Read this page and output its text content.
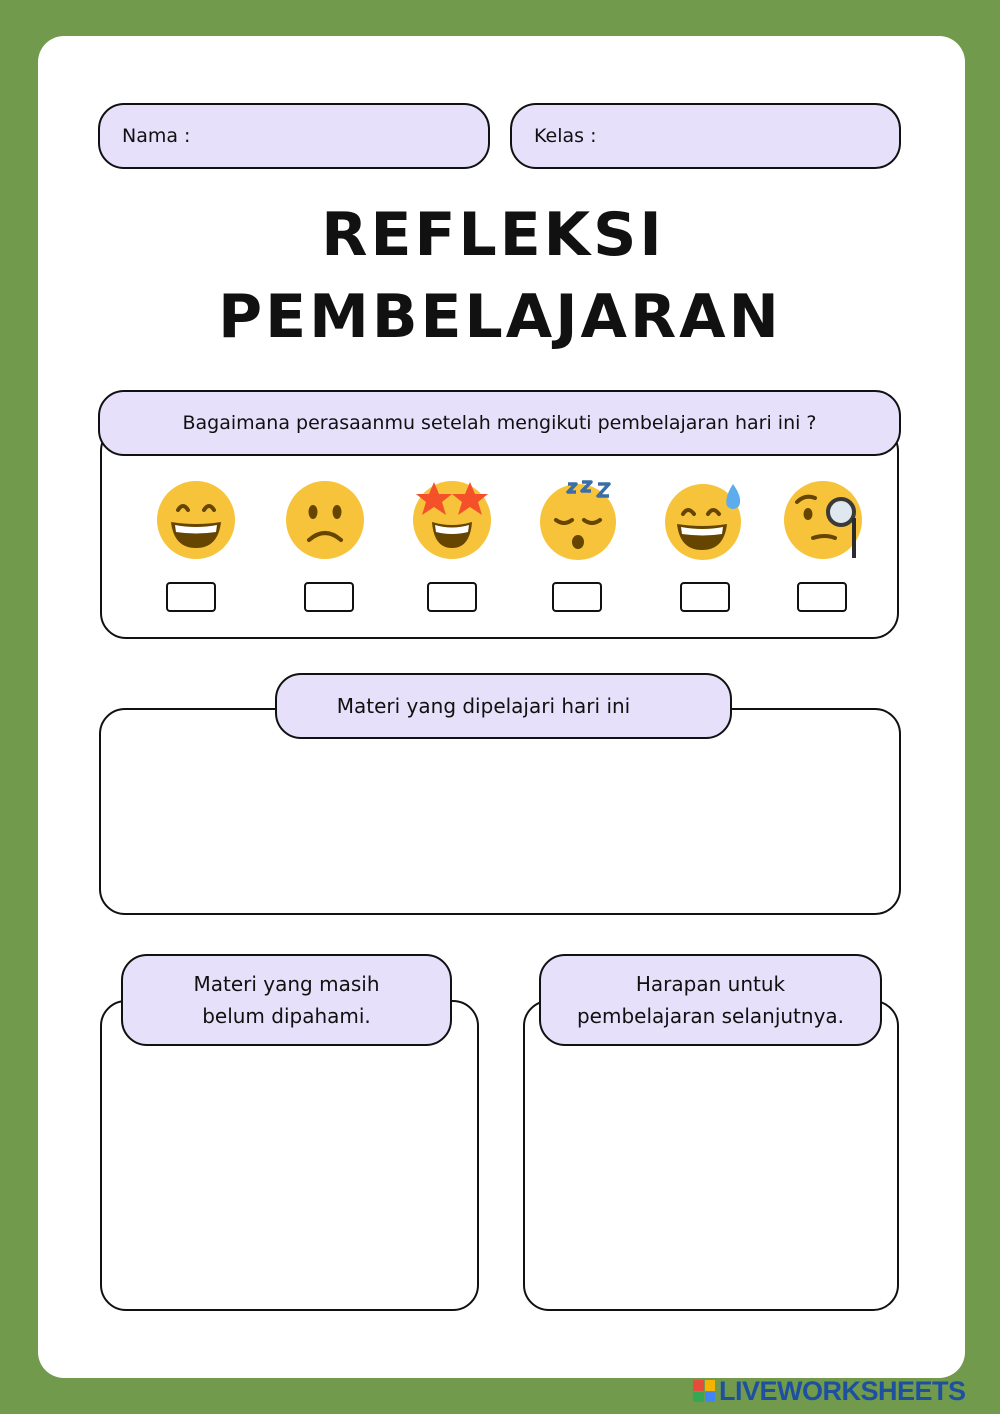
Nama :	Kelas :
REFLEKSI
PEMBELAJARAN
Bagaimana perasaanmu setelah mengikuti pembelajaran hari ini ?
Materi yang dipelajari hari ini
Materi yang masih
belum dipahami.
Harapan untuk
pembelajaran selanjutnya.
LIVEWORKSHEETS
